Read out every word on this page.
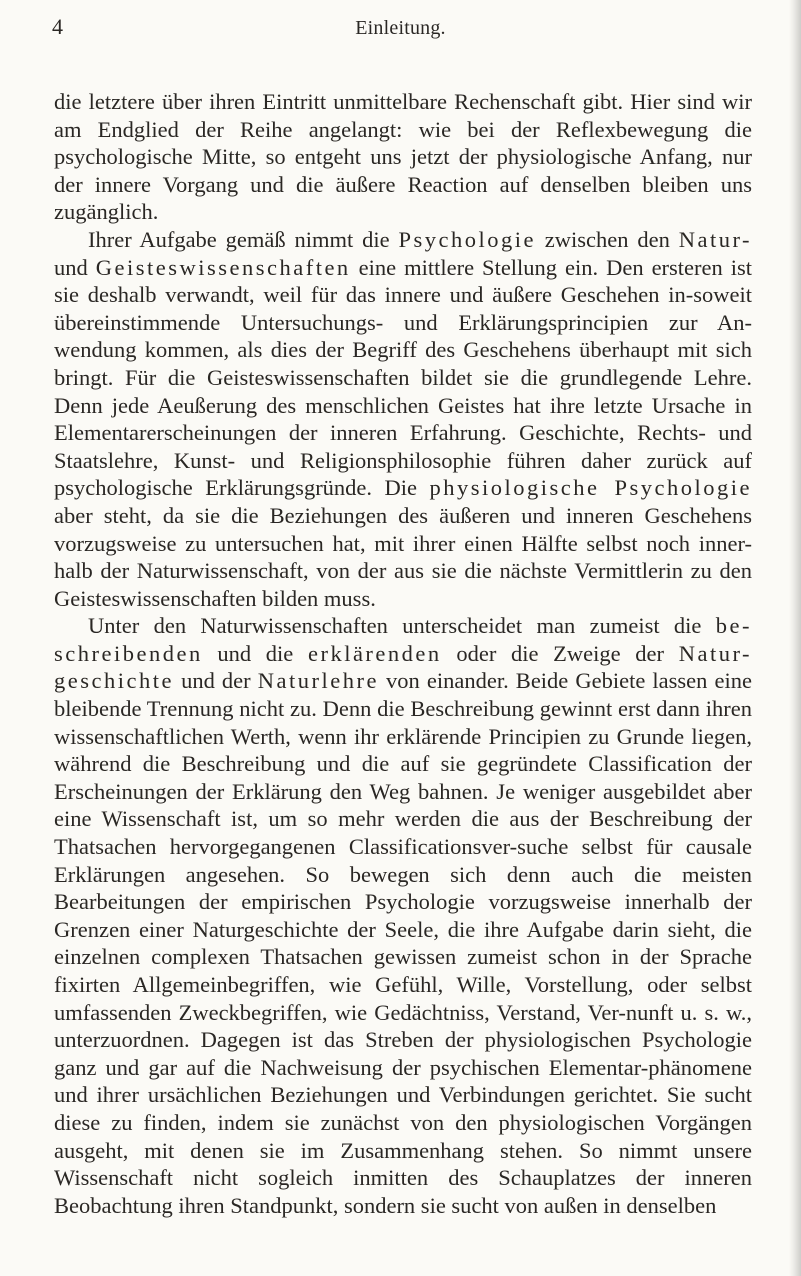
4	Einleitung.

die letztere über ihren Eintritt unmittelbare Rechenschaft gibt. Hier sind wir am Endglied der Reihe angelangt: wie bei der Reflexbewegung die psychologische Mitte, so entgeht uns jetzt der physiologische Anfang, nur der innere Vorgang und die äußere Reaction auf denselben bleiben uns zugänglich.

Ihrer Aufgabe gemäß nimmt die Psychologie zwischen den Natur- und Geisteswissenschaften eine mittlere Stellung ein. Den ersteren ist sie deshalb verwandt, weil für das innere und äußere Geschehen in-soweit übereinstimmende Untersuchungs- und Erklärungsprincipien zur An-wendung kommen, als dies der Begriff des Geschehens überhaupt mit sich bringt. Für die Geisteswissenschaften bildet sie die grundlegende Lehre. Denn jede Aeußerung des menschlichen Geistes hat ihre letzte Ursache in Elementarerscheinungen der inneren Erfahrung. Geschichte, Rechts- und Staatslehre, Kunst- und Religionsphilosophie führen daher zurück auf psychologische Erklärungsgründe. Die physiologische Psychologie aber steht, da sie die Beziehungen des äußeren und inneren Geschehens vorzugsweise zu untersuchen hat, mit ihrer einen Hälfte selbst noch inner-halb der Naturwissenschaft, von der aus sie die nächste Vermittlerin zu den Geisteswissenschaften bilden muss.

Unter den Naturwissenschaften unterscheidet man zumeist die be-schreibenden und die erklärenden oder die Zweige der Natur-geschichte und der Naturlehre von einander. Beide Gebiete lassen eine bleibende Trennung nicht zu. Denn die Beschreibung gewinnt erst dann ihren wissenschaftlichen Werth, wenn ihr erklärende Principien zu Grunde liegen, während die Beschreibung und die auf sie gegründete Classification der Erscheinungen der Erklärung den Weg bahnen. Je weniger ausgebildet aber eine Wissenschaft ist, um so mehr werden die aus der Beschreibung der Thatsachen hervorgegangenen Classificationsver-suche selbst für causale Erklärungen angesehen. So bewegen sich denn auch die meisten Bearbeitungen der empirischen Psychologie vorzugsweise innerhalb der Grenzen einer Naturgeschichte der Seele, die ihre Aufgabe darin sieht, die einzelnen complexen Thatsachen gewissen zumeist schon in der Sprache fixirten Allgemeinbegriffen, wie Gefühl, Wille, Vorstellung, oder selbst umfassenden Zweckbegriffen, wie Gedächtniss, Verstand, Ver-nunft u. s. w., unterzuordnen. Dagegen ist das Streben der physiologischen Psychologie ganz und gar auf die Nachweisung der psychischen Elementar-phänomene und ihrer ursächlichen Beziehungen und Verbindungen gerichtet. Sie sucht diese zu finden, indem sie zunächst von den physiologischen Vorgängen ausgeht, mit denen sie im Zusammenhang stehen. So nimmt unsere Wissenschaft nicht sogleich inmitten des Schauplatzes der inneren Beobachtung ihren Standpunkt, sondern sie sucht von außen in denselben
